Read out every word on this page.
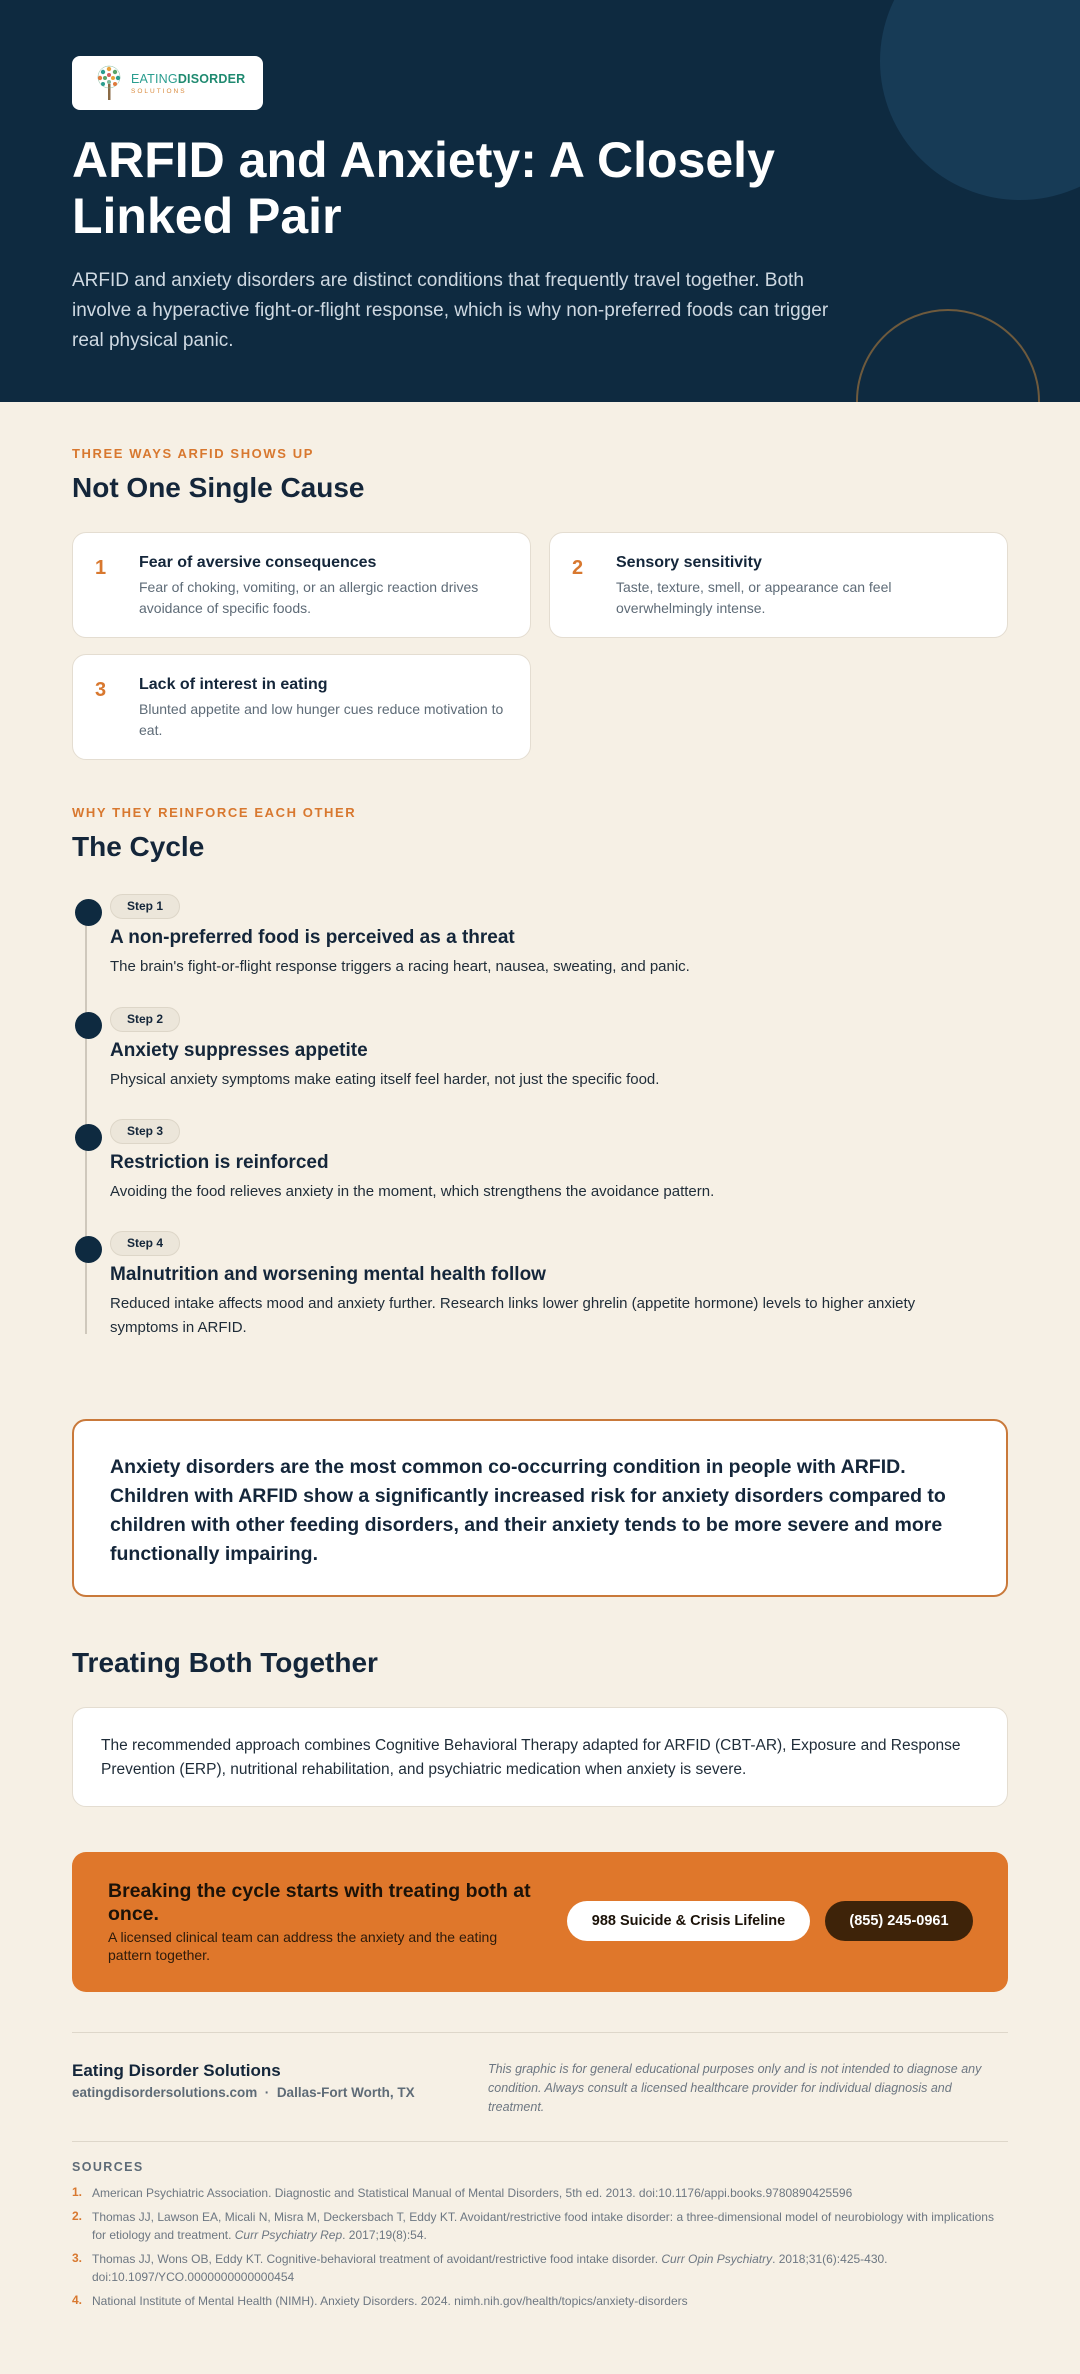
EATINGDISORDER
SOLUTIONS
ARFID and Anxiety: A Closely Linked Pair

ARFID and anxiety disorders are distinct conditions that frequently travel together. Both involve a hyperactive fight-or-flight response, which is why non-preferred foods can trigger real physical panic.

THREE WAYS ARFID SHOWS UP
Not One Single Cause
1 Fear of aversive consequences
Fear of choking, vomiting, or an allergic reaction drives avoidance of specific foods.
2 Sensory sensitivity
Taste, texture, smell, or appearance can feel overwhelmingly intense.
3 Lack of interest in eating
Blunted appetite and low hunger cues reduce motivation to eat.
WHY THEY REINFORCE EACH OTHER
The Cycle
Step 1
A non-preferred food is perceived as a threat
The brain's fight-or-flight response triggers a racing heart, nausea, sweating, and panic.
Step 2
Anxiety suppresses appetite
Physical anxiety symptoms make eating itself feel harder, not just the specific food.
Step 3
Restriction is reinforced
Avoiding the food relieves anxiety in the moment, which strengthens the avoidance pattern.
Step 4
Malnutrition and worsening mental health follow
Reduced intake affects mood and anxiety further. Research links lower ghrelin (appetite hormone) levels to higher anxiety symptoms in ARFID.

Anxiety disorders are the most common co-occurring condition in people with ARFID. Children with ARFID show a significantly increased risk for anxiety disorders compared to children with other feeding disorders, and their anxiety tends to be more severe and more functionally impairing.

Treating Both Together

The recommended approach combines Cognitive Behavioral Therapy adapted for ARFID (CBT-AR), Exposure and Response Prevention (ERP), nutritional rehabilitation, and psychiatric medication when anxiety is severe.

Breaking the cycle starts with treating both at once.
A licensed clinical team can address the anxiety and the eating pattern together.
988 Suicide & Crisis Lifeline	(855) 245-0961
Eating Disorder Solutions
eatingdisordersolutions.com · Dallas-Fort Worth, TX

This graphic is for general educational purposes only and is not intended to diagnose any condition. Always consult a licensed healthcare provider for individual diagnosis and treatment.

SOURCES
1. American Psychiatric Association. Diagnostic and Statistical Manual of Mental Disorders, 5th ed. 2013. doi:10.1176/appi.books.9780890425596
2. Thomas JJ, Lawson EA, Micali N, Misra M, Deckersbach T, Eddy KT. Avoidant/restrictive food intake disorder: a three-dimensional model of neurobiology with implications for etiology and treatment. Curr Psychiatry Rep. 2017;19(8):54.
3. Thomas JJ, Wons OB, Eddy KT. Cognitive-behavioral treatment of avoidant/restrictive food intake disorder. Curr Opin Psychiatry. 2018;31(6):425-430. doi:10.1097/YCO.0000000000000454
4. National Institute of Mental Health (NIMH). Anxiety Disorders. 2024. nimh.nih.gov/health/topics/anxiety-disorders
